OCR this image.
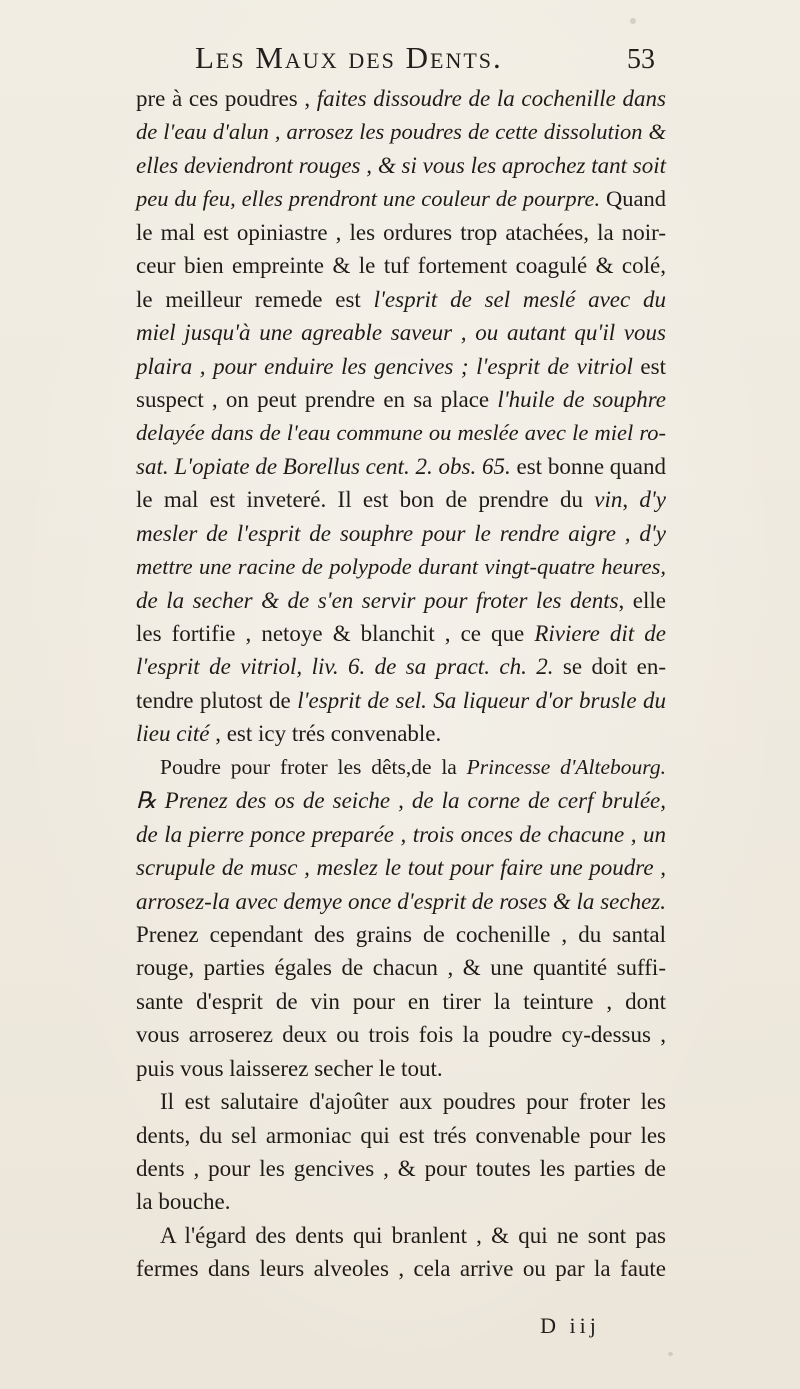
Les Maux des Dents.	53
pre à ces poudres , faites dissoudre de la cochenille dans
de l'eau d'alun , arrosez les poudres de cette dissolution &
elles deviendront rouges , & si vous les aprochez tant soit
peu du feu, elles prendront une couleur de pourpre. Quand
le mal est opiniastre , les ordures trop atachées, la noir-
ceur bien empreinte & le tuf fortement coagulé & colé,
le meilleur remede est l'esprit de sel meslé avec du
miel jusqu'à une agreable saveur , ou autant qu'il vous
plaira , pour enduire les gencives ; l'esprit de vitriol est
suspect , on peut prendre en sa place l'huile de souphre
delayée dans de l'eau commune ou meslée avec le miel ro-
sat. L'opiate de Borellus cent. 2. obs. 65. est bonne quand
le mal est inveteré. Il est bon de prendre du vin, d'y
mesler de l'esprit de souphre pour le rendre aigre , d'y
mettre une racine de polypode durant vingt-quatre heures,
de la secher & de s'en servir pour froter les dents, elle
les fortifie , netoye & blanchit , ce que Riviere dit de
l'esprit de vitriol, liv. 6. de sa pract. ch. 2. se doit en-
tendre plutost de l'esprit de sel. Sa liqueur d'or brusle du
lieu cité , est icy trés convenable.
Poudre pour froter les dêts,de la Princesse d'Altebourg.
℞ Prenez des os de seiche , de la corne de cerf brulée,
de la pierre ponce preparée , trois onces de chacune , un
scrupule de musc , meslez le tout pour faire une poudre ,
arrosez-la avec demye once d'esprit de roses & la sechez.
Prenez cependant des grains de cochenille , du santal
rouge, parties égales de chacun , & une quantité suffi-
sante d'esprit de vin pour en tirer la teinture , dont
vous arroserez deux ou trois fois la poudre cy-dessus ,
puis vous laisserez secher le tout.
Il est salutaire d'ajoûter aux poudres pour froter les
dents, du sel armoniac qui est trés convenable pour les
dents , pour les gencives , & pour toutes les parties de
la bouche.
A l'égard des dents qui branlent , & qui ne sont pas
fermes dans leurs alveoles , cela arrive ou par la faute
D iij
